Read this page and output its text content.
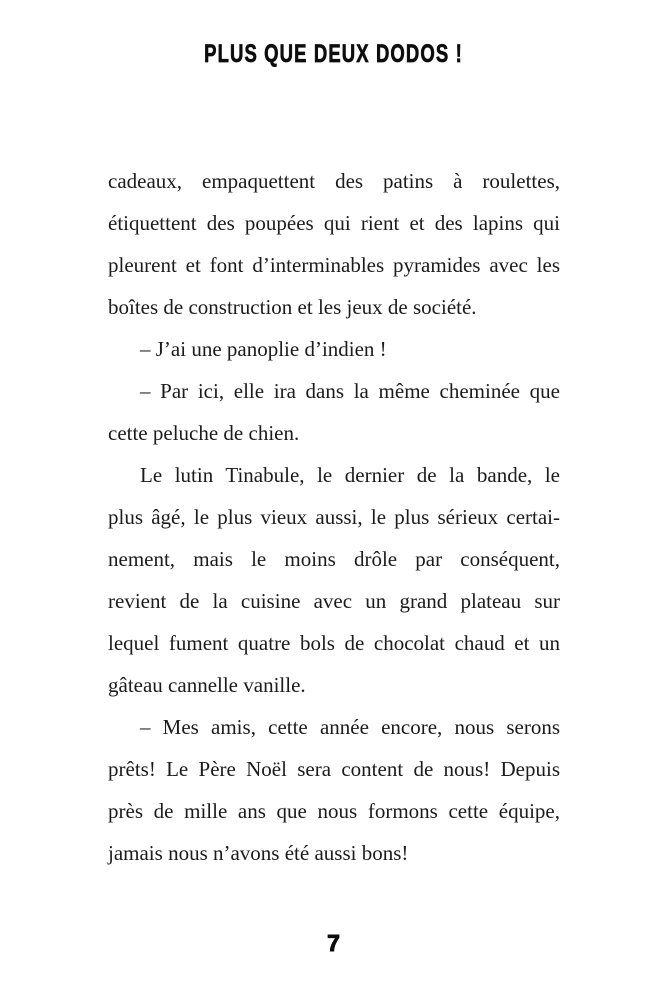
PLUS QUE DEUX DODOS !
cadeaux, empaquettent des patins à roulettes,
étiquettent des poupées qui rient et des lapins qui
pleurent et font d’interminables pyramides avec les
boîtes de construction et les jeux de société.
– J’ai une panoplie d’indien !
– Par ici, elle ira dans la même cheminée que
cette peluche de chien.
Le lutin Tinabule, le dernier de la bande, le
plus âgé, le plus vieux aussi, le plus sérieux certai-
nement, mais le moins drôle par conséquent,
revient de la cuisine avec un grand plateau sur
lequel fument quatre bols de chocolat chaud et un
gâteau cannelle vanille.
– Mes amis, cette année encore, nous serons
prêts! Le Père Noël sera content de nous! Depuis
près de mille ans que nous formons cette équipe,
jamais nous n’avons été aussi bons!
7
